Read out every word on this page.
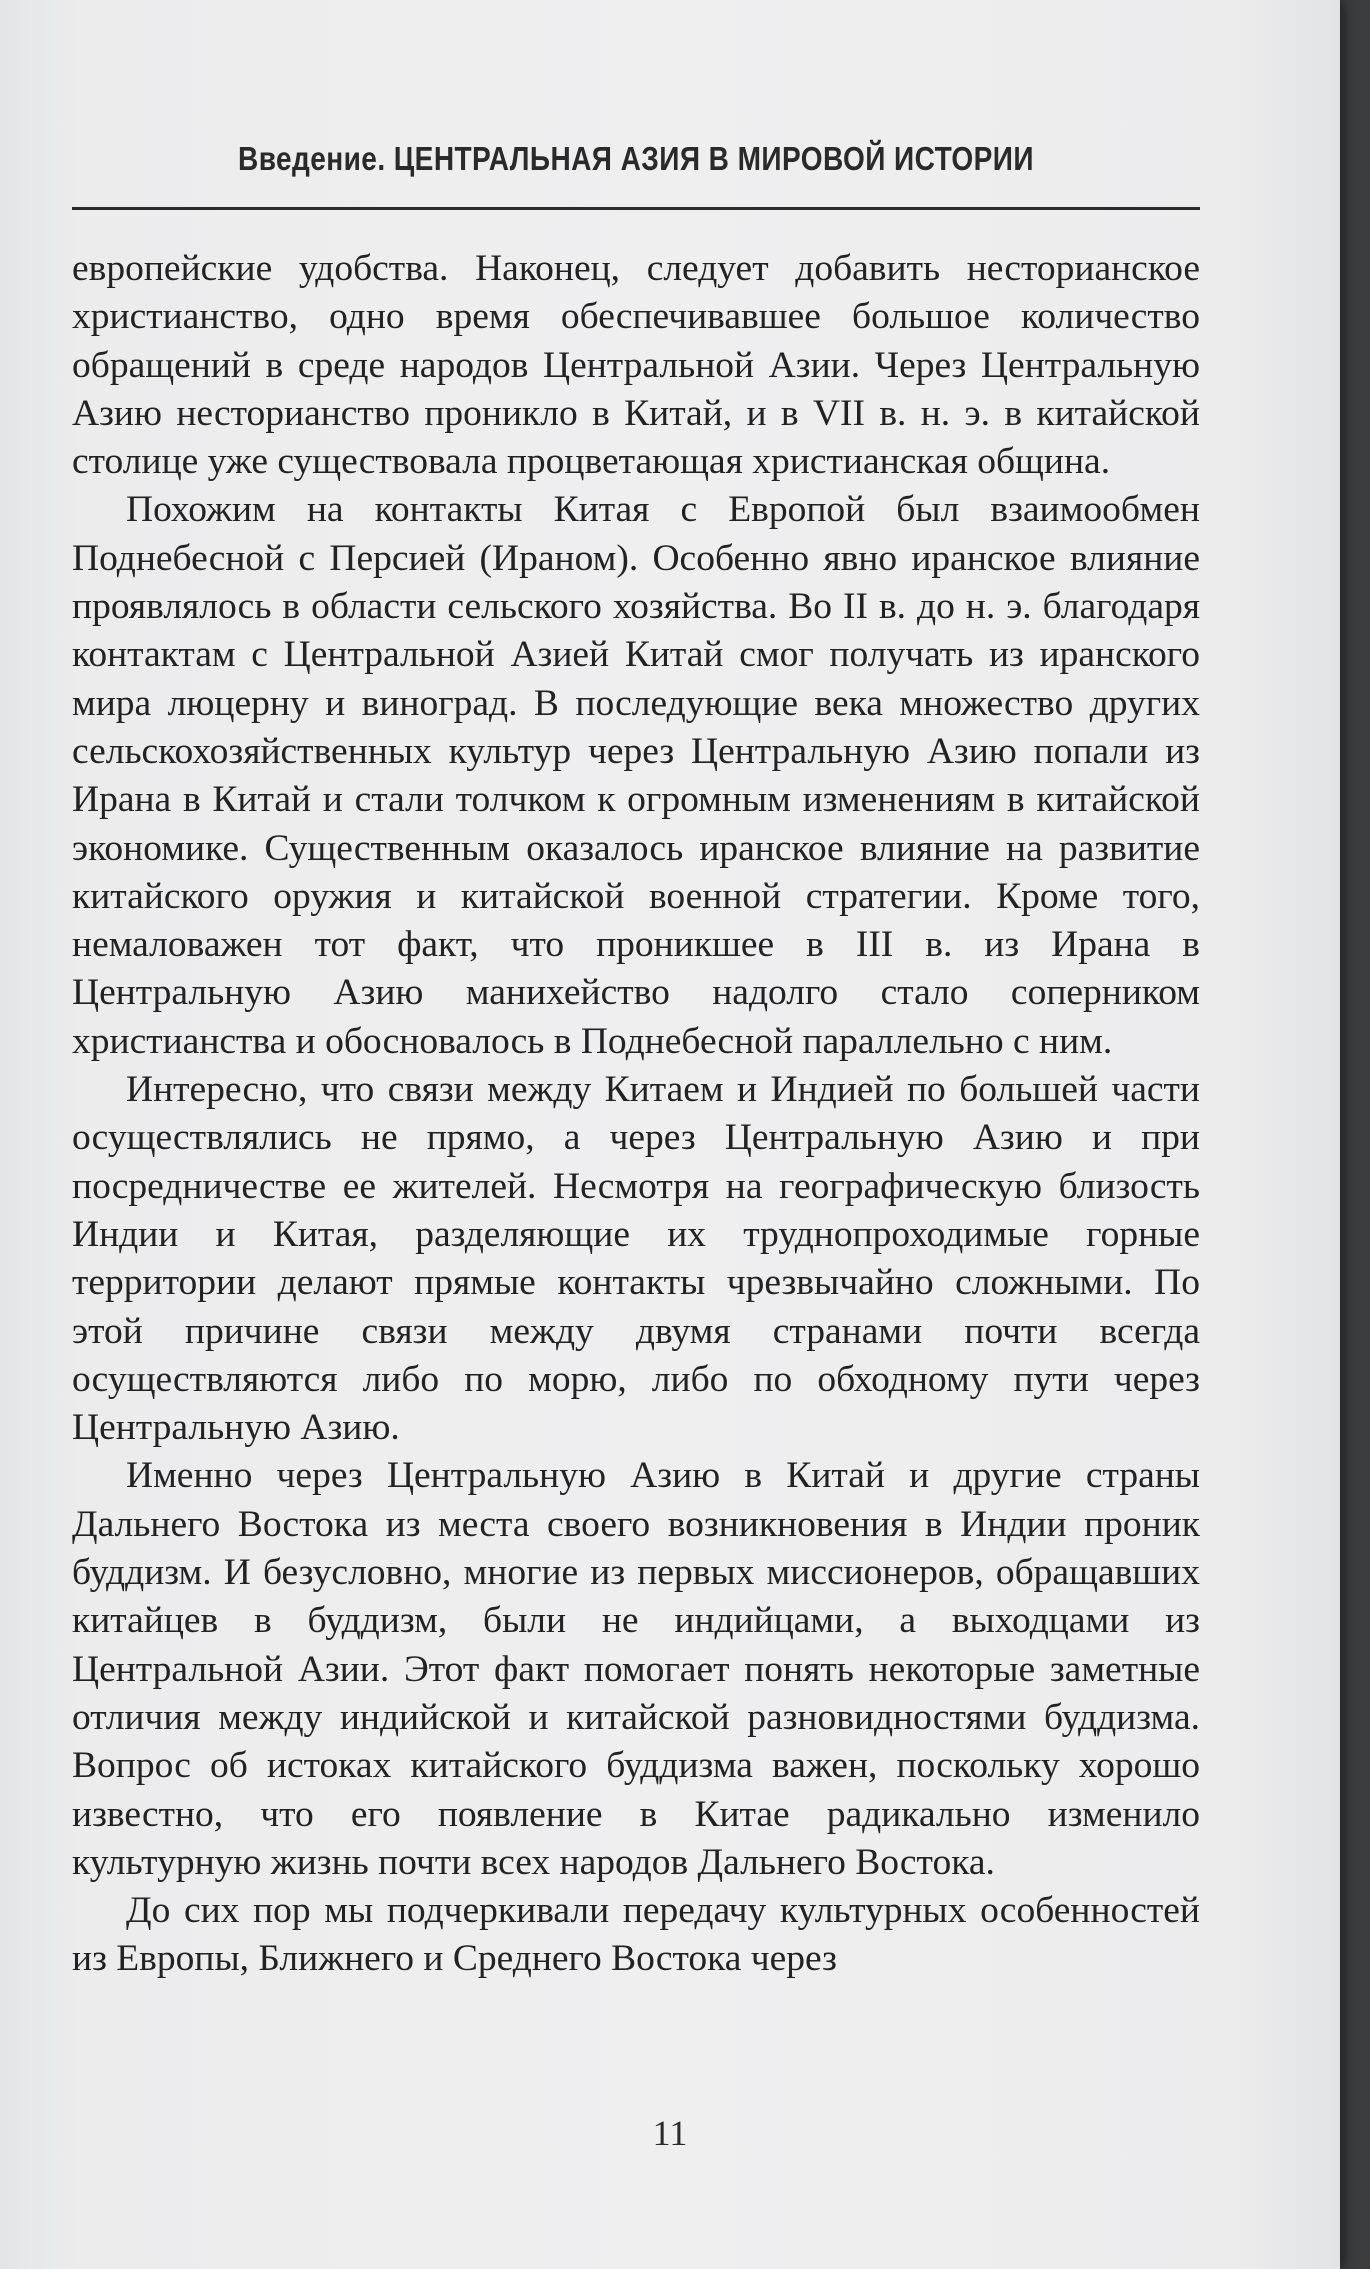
Введение. ЦЕНТРАЛЬНАЯ АЗИЯ В МИРОВОЙ ИСТОРИИ

европейские удобства. Наконец, следует добавить несторианское христианство, одно время обеспечивавшее большое количество обращений в среде народов Центральной Азии. Через Центральную Азию несторианство проникло в Китай, и в VII в. н. э. в китайской столице уже существовала процветающая христианская община.

Похожим на контакты Китая с Европой был взаимообмен Поднебесной с Персией (Ираном). Особенно явно иранское влияние проявлялось в области сельского хозяйства. Во II в. до н. э. благодаря контактам с Центральной Азией Китай смог получать из иранского мира люцерну и виноград. В последующие века множество других сельскохозяйственных культур через Центральную Азию попали из Ирана в Китай и стали толчком к огромным изменениям в китайской экономике. Существенным оказалось иранское влияние на развитие китайского оружия и китайской военной стратегии. Кроме того, немаловажен тот факт, что проникшее в III в. из Ирана в Центральную Азию манихейство надолго стало соперником христианства и обосновалось в Поднебесной параллельно с ним.

Интересно, что связи между Китаем и Индией по большей части осуществлялись не прямо, а через Центральную Азию и при посредничестве ее жителей. Несмотря на географическую близость Индии и Китая, разделяющие их труднопроходимые горные территории делают прямые контакты чрезвычайно сложными. По этой причине связи между двумя странами почти всегда осуществляются либо по морю, либо по обходному пути через Центральную Азию.

Именно через Центральную Азию в Китай и другие страны Дальнего Востока из места своего возникновения в Индии проник буддизм. И безусловно, многие из первых миссионеров, обращавших китайцев в буддизм, были не индийцами, а выходцами из Центральной Азии. Этот факт помогает понять некоторые заметные отличия между индийской и китайской разновидностями буддизма. Вопрос об истоках китайского буддизма важен, поскольку хорошо известно, что его появление в Китае радикально изменило культурную жизнь почти всех народов Дальнего Востока.

До сих пор мы подчеркивали передачу культурных особенностей из Европы, Ближнего и Среднего Востока через

11
